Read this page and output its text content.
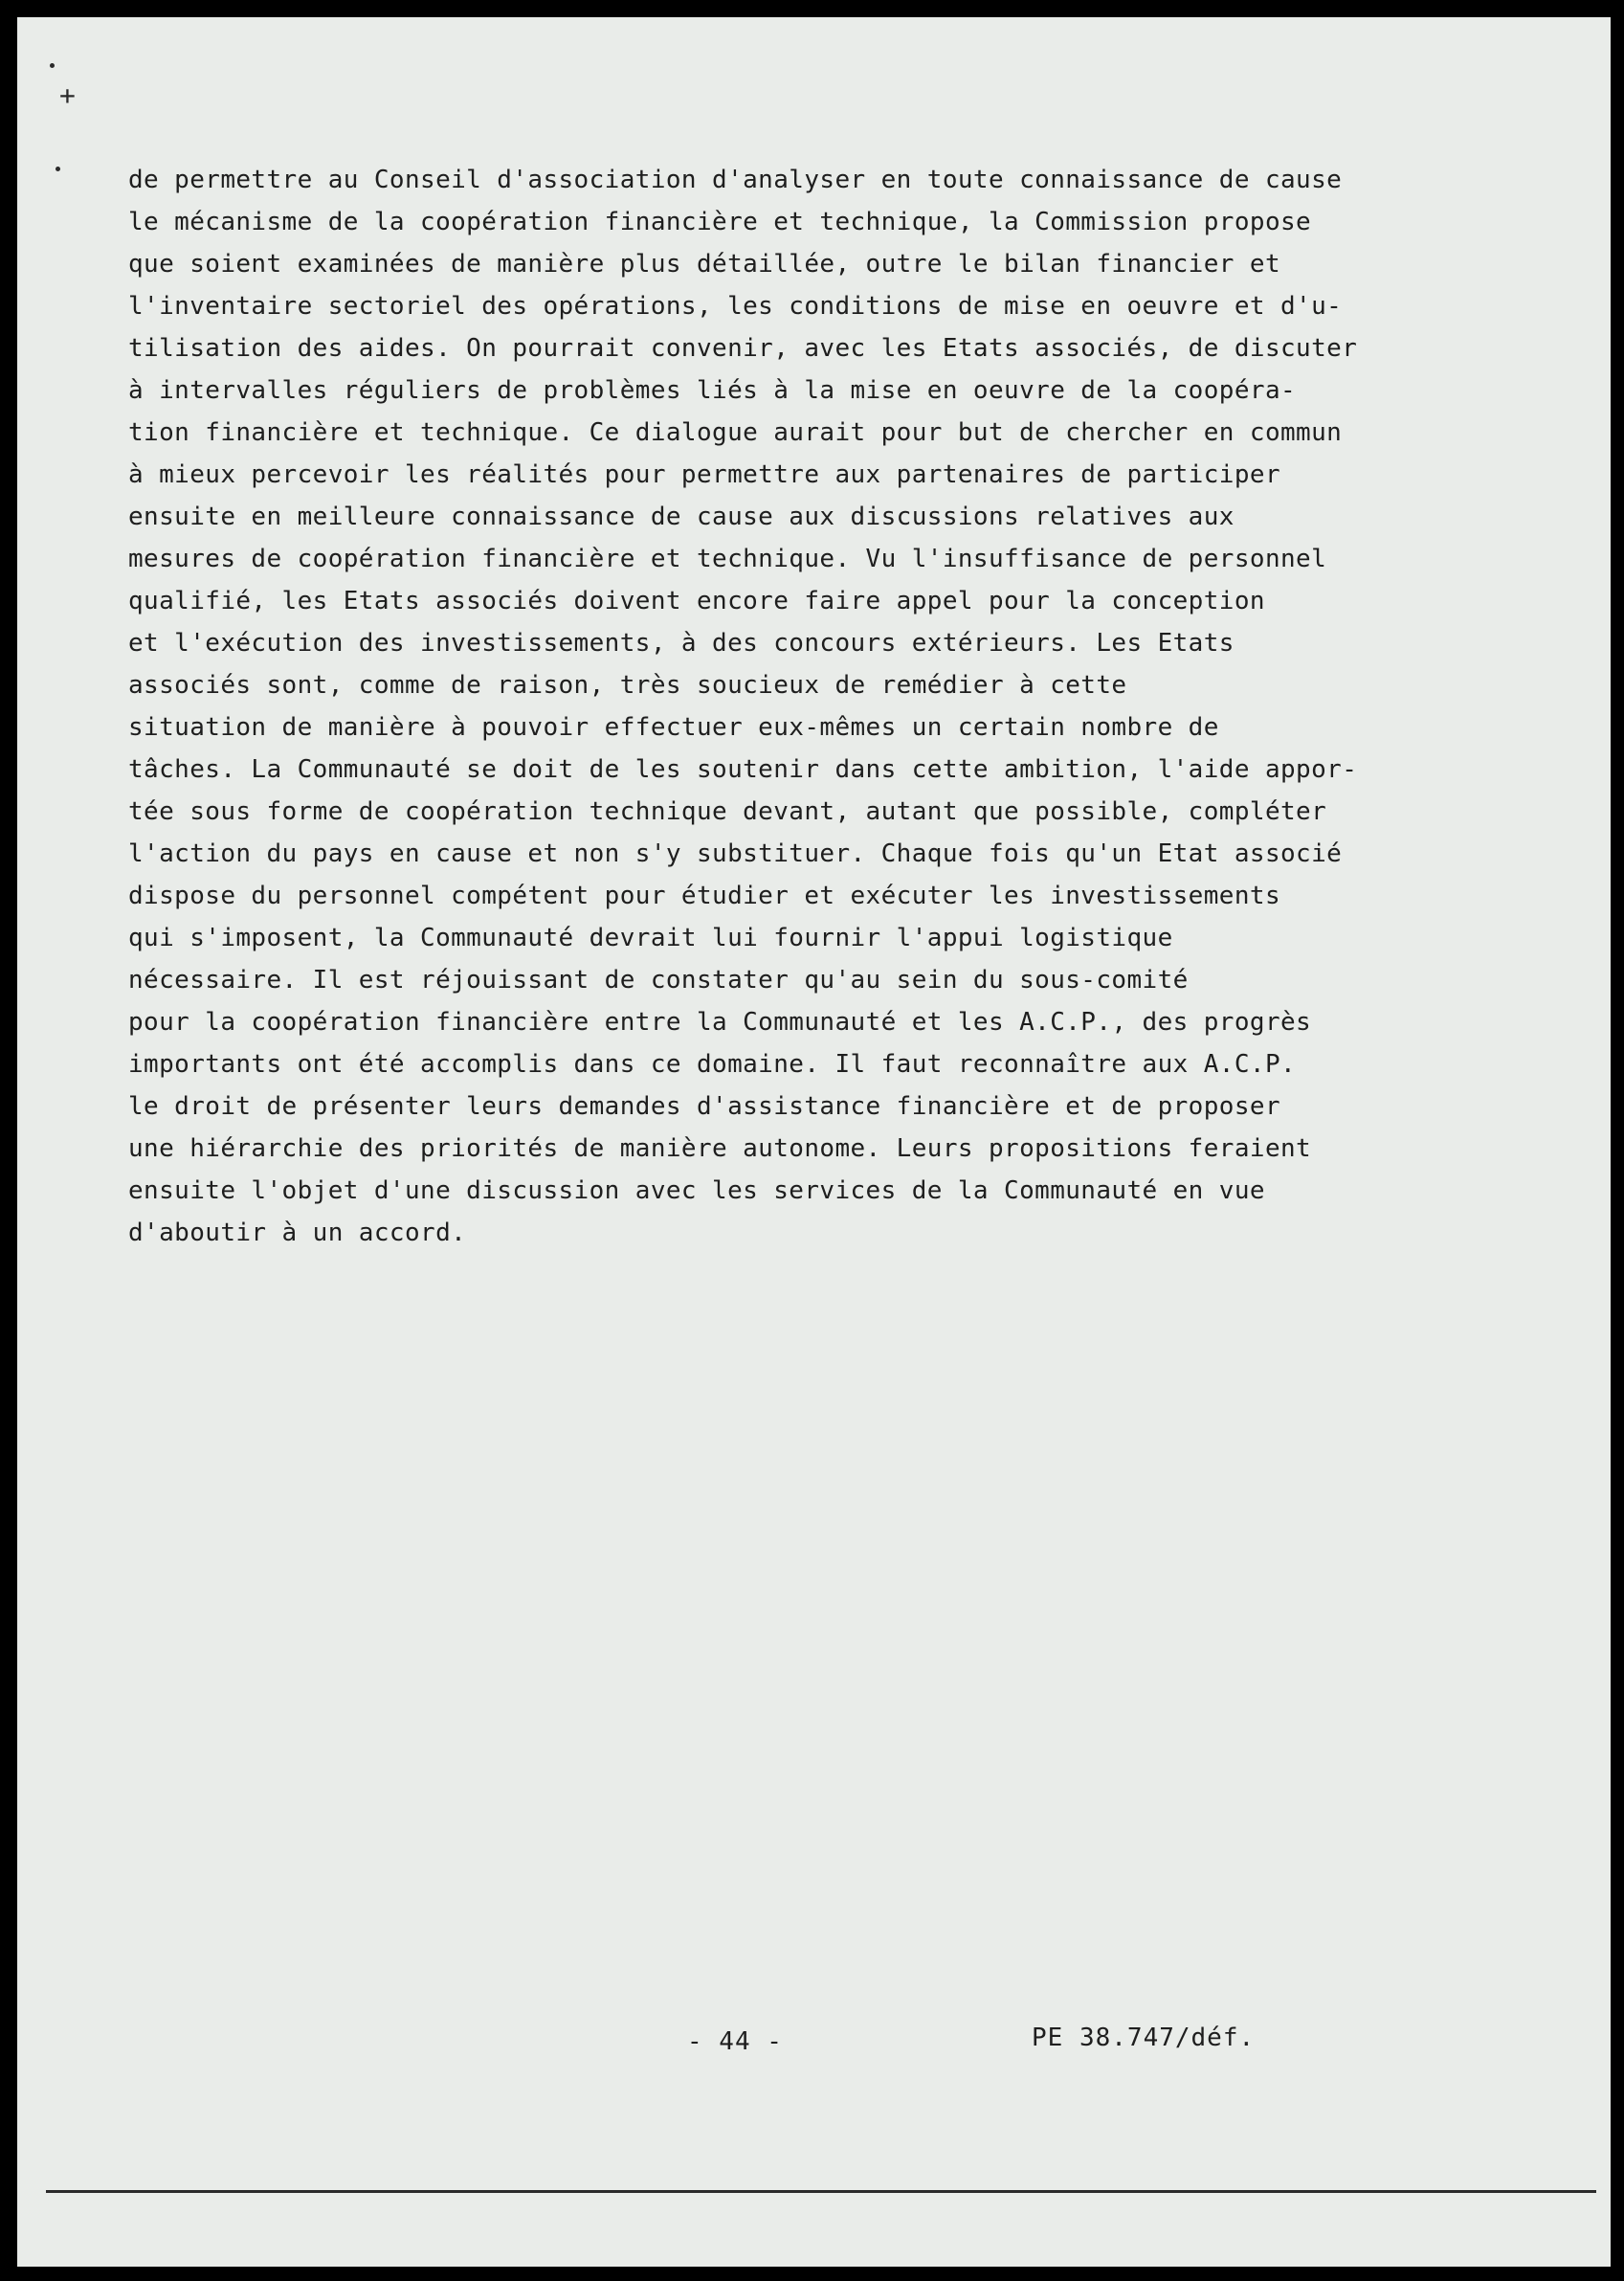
+
de permettre au Conseil d'association d'analyser en toute connaissance de cause
le mécanisme de la coopération financière et technique, la Commission propose
que soient examinées de manière plus détaillée, outre le bilan financier et
l'inventaire sectoriel des opérations, les conditions de mise en oeuvre et d'u-
tilisation des aides. On pourrait convenir, avec les Etats associés, de discuter
à intervalles réguliers de problèmes liés à la mise en oeuvre de la coopéra-
tion financière et technique. Ce dialogue aurait pour but de chercher en commun
à mieux percevoir les réalités pour permettre aux partenaires de participer
ensuite en meilleure connaissance de cause aux discussions relatives aux
mesures de coopération financière et technique. Vu l'insuffisance de personnel
qualifié, les Etats associés doivent encore faire appel pour la conception
et l'exécution des investissements, à des concours extérieurs. Les Etats
associés sont, comme de raison, très soucieux de remédier à cette
situation de manière à pouvoir effectuer eux-mêmes un certain nombre de
tâches. La Communauté se doit de les soutenir dans cette ambition, l'aide appor-
tée sous forme de coopération technique devant, autant que possible, compléter
l'action du pays en cause et non s'y substituer. Chaque fois qu'un Etat associé
dispose du personnel compétent pour étudier et exécuter les investissements
qui s'imposent, la Communauté devrait lui fournir l'appui logistique
nécessaire. Il est réjouissant de constater qu'au sein du sous-comité
pour la coopération financière entre la Communauté et les A.C.P., des progrès
importants ont été accomplis dans ce domaine. Il faut reconnaître aux A.C.P.
le droit de présenter leurs demandes d'assistance financière et de proposer
une hiérarchie des priorités de manière autonome. Leurs propositions feraient
ensuite l'objet d'une discussion avec les services de la Communauté en vue
d'aboutir à un accord.
- 44 -	PE 38.747/déf.
